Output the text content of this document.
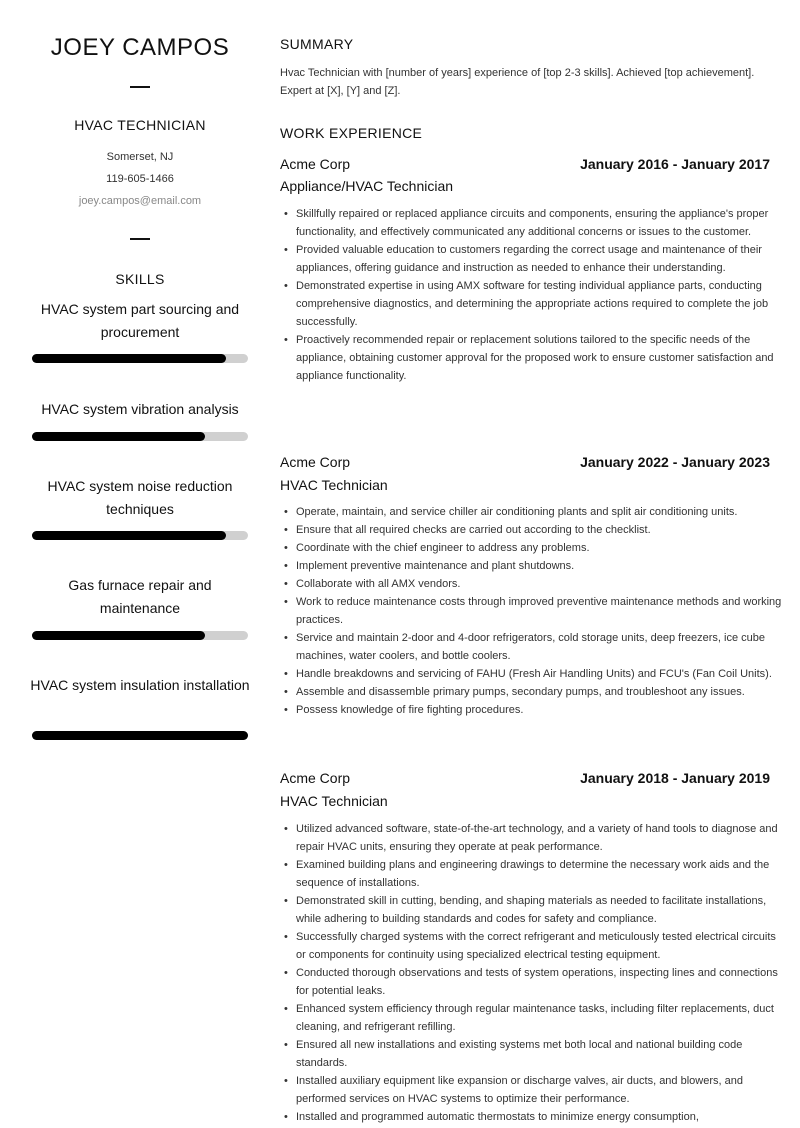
JOEY CAMPOS
HVAC TECHNICIAN
Somerset, NJ
119-605-1466
joey.campos@email.com
SKILLS
HVAC system part sourcing and procurement
HVAC system vibration analysis
HVAC system noise reduction techniques
Gas furnace repair and maintenance
HVAC system insulation installation
SUMMARY
Hvac Technician with [number of years] experience of [top 2-3 skills]. Achieved [top achievement]. Expert at [X], [Y] and [Z].
WORK EXPERIENCE
Acme Corp	January 2016 - January 2017
Appliance/HVAC Technician
• Skillfully repaired or replaced appliance circuits and components, ensuring the appliance's proper functionality, and effectively communicated any additional concerns or issues to the customer.
• Provided valuable education to customers regarding the correct usage and maintenance of their appliances, offering guidance and instruction as needed to enhance their understanding.
• Demonstrated expertise in using AMX software for testing individual appliance parts, conducting comprehensive diagnostics, and determining the appropriate actions required to complete the job successfully.
• Proactively recommended repair or replacement solutions tailored to the specific needs of the appliance, obtaining customer approval for the proposed work to ensure customer satisfaction and appliance functionality.
Acme Corp	January 2022 - January 2023
HVAC Technician
• Operate, maintain, and service chiller air conditioning plants and split air conditioning units.
• Ensure that all required checks are carried out according to the checklist.
• Coordinate with the chief engineer to address any problems.
• Implement preventive maintenance and plant shutdowns.
• Collaborate with all AMX vendors.
• Work to reduce maintenance costs through improved preventive maintenance methods and working practices.
• Service and maintain 2-door and 4-door refrigerators, cold storage units, deep freezers, ice cube machines, water coolers, and bottle coolers.
• Handle breakdowns and servicing of FAHU (Fresh Air Handling Units) and FCU's (Fan Coil Units).
• Assemble and disassemble primary pumps, secondary pumps, and troubleshoot any issues.
• Possess knowledge of fire fighting procedures.
Acme Corp	January 2018 - January 2019
HVAC Technician
• Utilized advanced software, state-of-the-art technology, and a variety of hand tools to diagnose and repair HVAC units, ensuring they operate at peak performance.
• Examined building plans and engineering drawings to determine the necessary work aids and the sequence of installations.
• Demonstrated skill in cutting, bending, and shaping materials as needed to facilitate installations, while adhering to building standards and codes for safety and compliance.
• Successfully charged systems with the correct refrigerant and meticulously tested electrical circuits or components for continuity using specialized electrical testing equipment.
• Conducted thorough observations and tests of system operations, inspecting lines and connections for potential leaks.
• Enhanced system efficiency through regular maintenance tasks, including filter replacements, duct cleaning, and refrigerant refilling.
• Ensured all new installations and existing systems met both local and national building code standards.
• Installed auxiliary equipment like expansion or discharge valves, air ducts, and blowers, and performed services on HVAC systems to optimize their performance.
• Installed and programmed automatic thermostats to minimize energy consumption,
